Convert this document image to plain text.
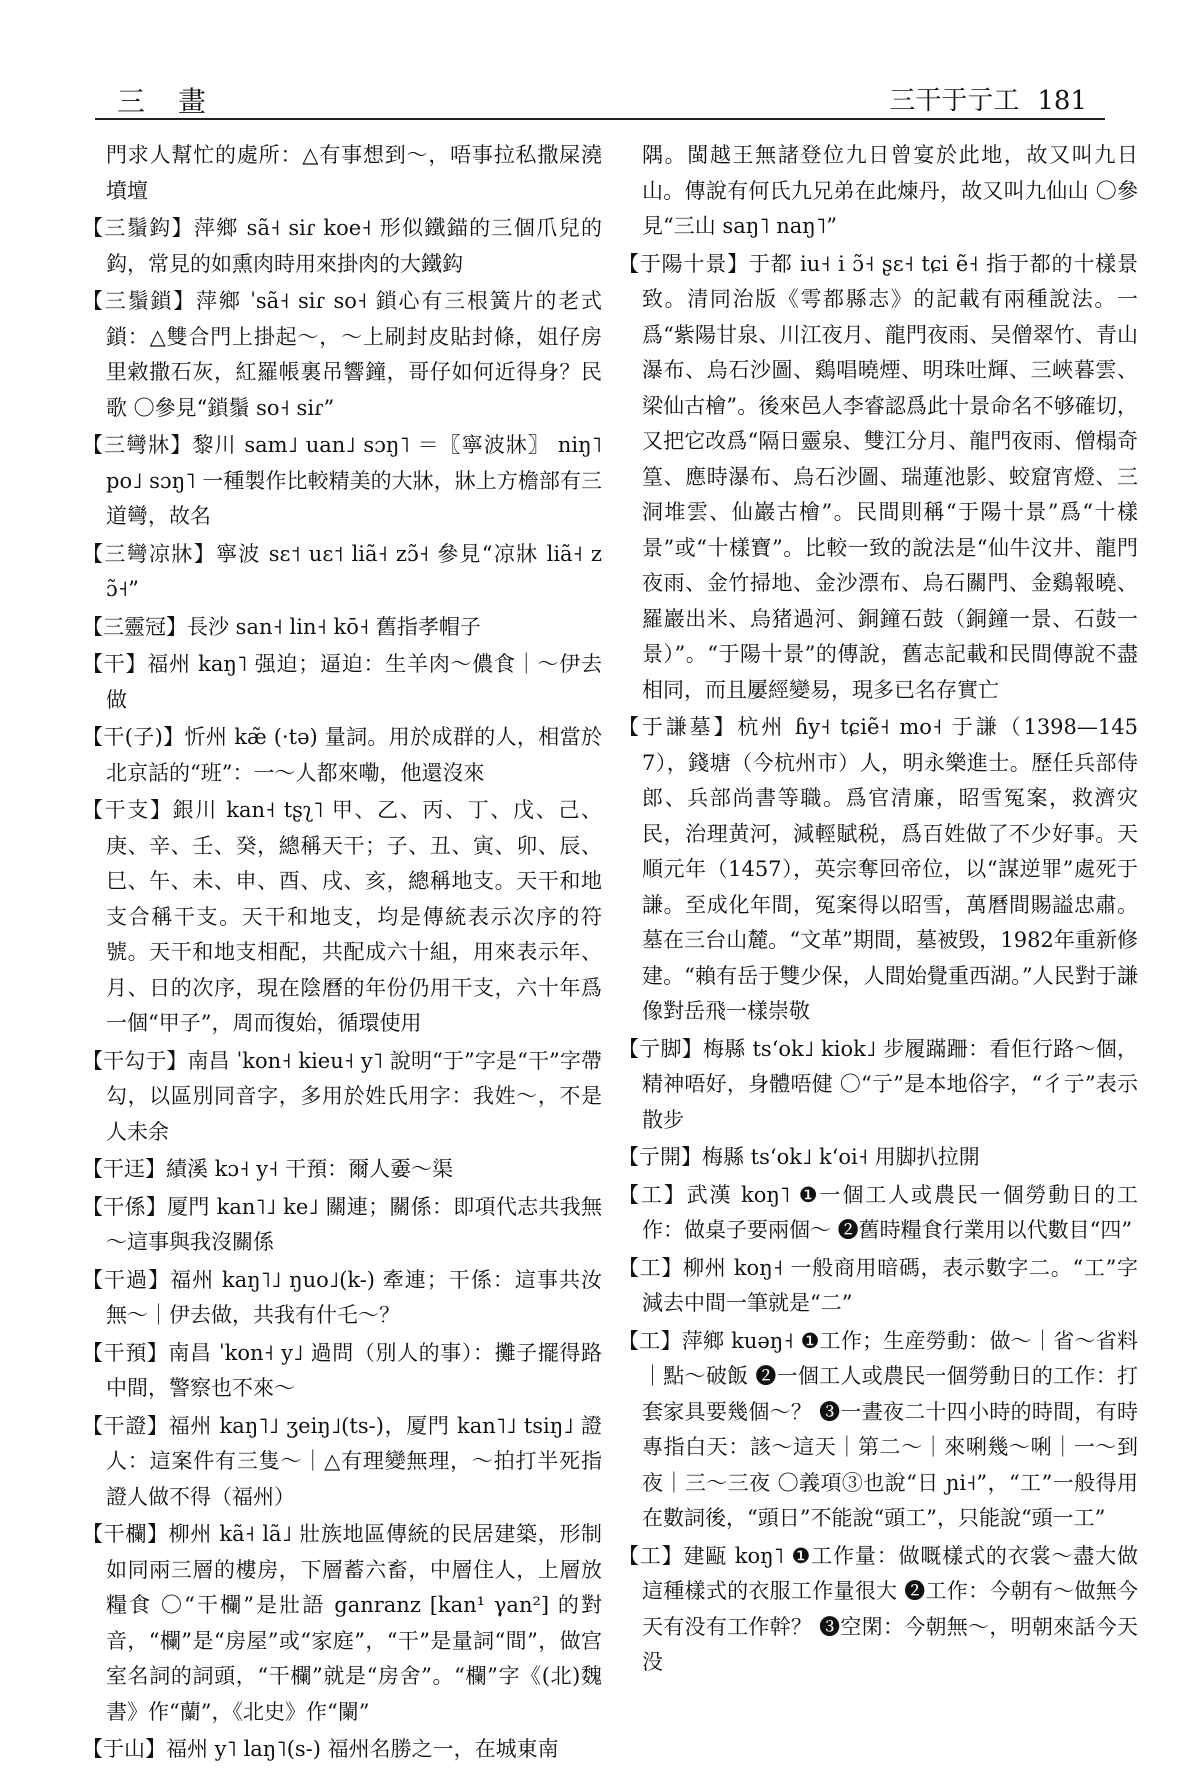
三 畫	三干于亍工 181

門求人幫忙的處所：△有事想到～，唔事拉私撒屎澆墳壇

【三鬚鈎】萍鄉 sã˧ siɾ koe˧ 形似鐵錨的三個爪兒的鈎，常見的如熏肉時用來掛肉的大鐵鈎

【三鬚鎖】萍鄉 ˈsã˧ siɾ so˧ 鎖心有三根簧片的老式鎖：△雙合門上掛起～，～上刷封皮貼封條，姐仔房里敹撒石灰，紅羅帳裏吊響鐘，哥仔如何近得身？民歌 〇參見“鎖鬚 so˧ siɾ”

【三彎牀】黎川 sam˩ uan˩ sɔŋ˥ ＝〖寧波牀〗 niŋ˥ po˩ sɔŋ˥ 一種製作比較精美的大牀，牀上方檐部有三道彎，故名

【三彎凉牀】寧波 sɛ˦ uɛ˦ liã˧ zɔ̃˧ 參見“凉牀 liã˧ zɔ̃˧”

【三靈冠】長沙 san˧ lin˧ kō˧ 舊指孝帽子

【干】福州 kaŋ˥ 强迫；逼迫：生羊肉～儂食｜～伊去做

【干(子)】忻州 kæ̃ (·tə) 量詞。用於成群的人，相當於北京話的“班”：一～人都來嘞，他還沒來

【干支】銀川 kan˧ tʂʅ˥ 甲、乙、丙、丁、戊、己、庚、辛、壬、癸，總稱天干；子、丑、寅、卯、辰、巳、午、未、申、酉、戌、亥，總稱地支。天干和地支合稱干支。天干和地支，均是傳統表示次序的符號。天干和地支相配，共配成六十組，用來表示年、月、日的次序，現在陰曆的年份仍用干支，六十年爲一個“甲子”，周而復始，循環使用

【干勾于】南昌 ˈkon˧ kieu˧ y˥ 說明“于”字是“干”字帶勾，以區別同音字，多用於姓氏用字：我姓～，不是人未余

【干迋】績溪 kɔ˧ y˧ 干預：爾人嫑～渠

【干係】厦門 kan˥˩ ke˩ 關連；關係：即項代志共我無～這事與我沒關係

【干過】福州 kaŋ˥˩ ŋuo˩(k-) 牽連；干係：這事共汝無～｜伊去做，共我有什乇～？

【干預】南昌 ˈkon˧ y˩ 過問（別人的事）：攤子擺得路中間，警察也不來～

【干證】福州 kaŋ˥˩ ʒeiŋ˩(ts-)，厦門 kan˥˩ tsiŋ˩ 證人：這案件有三隻～｜△有理變無理，～拍打半死指證人做不得（福州）

【干欄】柳州 kã˧ lã˩ 壯族地區傳統的民居建築，形制如同兩三層的樓房，下層蓄六畜，中層住人，上層放糧食 〇“干欄”是壯語 ganranz [kan¹ γan²] 的對音，“欄”是“房屋”或“家庭”，“干”是量詞“間”，做宫室名詞的詞頭，“干欄”就是“房舍”。“欄”字《(北)魏書》作“蘭”，《北史》作“闌”

【于山】福州 y˥ laŋ˥(s-) 福州名勝之一，在城東南

隅。閩越王無諸登位九日曾宴於此地，故又叫九日山。傳說有何氏九兄弟在此煉丹，故又叫九仙山 〇參見“三山 saŋ˥ naŋ˥”

【于陽十景】于都 iu˧ i ɔ̃˧ ʂɛ˧ tɕi ẽ˧ 指于都的十樣景致。清同治版《雩都縣志》的記載有兩種說法。一爲“紫陽甘泉、川江夜月、龍門夜雨、吴僧翠竹、青山瀑布、烏石沙圖、鷄唱曉煙、明珠吐輝、三峽暮雲、梁仙古檜”。後來邑人李睿認爲此十景命名不够確切，又把它改爲“隔日靈泉、雙江分月、龍門夜雨、僧榻奇篁、應時瀑布、烏石沙圖、瑞蓮池影、蛟窟宵燈、三洞堆雲、仙巖古檜”。民間則稱“于陽十景”爲“十樣景”或“十樣寶”。比較一致的說法是“仙牛汶井、龍門夜雨、金竹掃地、金沙漂布、烏石關門、金鷄報曉、羅巖出米、烏猪過河、銅鐘石鼓（銅鐘一景、石鼓一景）”。“于陽十景”的傳說，舊志記載和民間傳說不盡相同，而且屢經變易，現多已名存實亡

【于謙墓】杭州 ɦy˧ tɕiẽ˧ mo˧ 于謙（1398—1457），錢塘（今杭州市）人，明永樂進士。歷任兵部侍郎、兵部尚書等職。爲官清廉，昭雪冤案，救濟灾民，治理黄河，減輕賦税，爲百姓做了不少好事。天順元年（1457），英宗奪回帝位，以“謀逆罪”處死于謙。至成化年間，冤案得以昭雪，萬曆間賜謚忠肅。墓在三台山麓。“文革”期間，墓被毁，1982年重新修建。“賴有岳于雙少保，人間始覺重西湖。”人民對于謙像對岳飛一樣崇敬

【亍脚】梅縣 tsʻok˩ kiok˩ 步履蹣跚：看佢行路～個，精神唔好，身體唔健 〇“亍”是本地俗字，“彳亍”表示散步

【亍開】梅縣 tsʻok˩ kʻoi˧ 用脚扒拉開

【工】武漢 koŋ˥ ❶一個工人或農民一個勞動日的工作：做桌子要兩個～ ❷舊時糧食行業用以代數目“四”

【工】柳州 koŋ˧ 一般商用暗碼，表示數字二。“工”字減去中間一筆就是“二”

【工】萍鄉 kuəŋ˧ ❶工作；生産勞動：做～｜省～省料｜點～破飯 ❷一個工人或農民一個勞動日的工作：打套家具要幾個～？ ❸一晝夜二十四小時的時間，有時專指白天：該～這天｜第二～｜來唎幾～唎｜一～到夜｜三～三夜 〇義項③也說“日 ɲi˧”，“工”一般得用在數詞後，“頭日”不能說“頭工”，只能說“頭一工”

【工】建甌 koŋ˥ ❶工作量：做嘅樣式的衣裳～盡大做這種樣式的衣服工作量很大 ❷工作：今朝有～做無今天有没有工作幹？ ❸空閑：今朝無～，明朝來話今天没
